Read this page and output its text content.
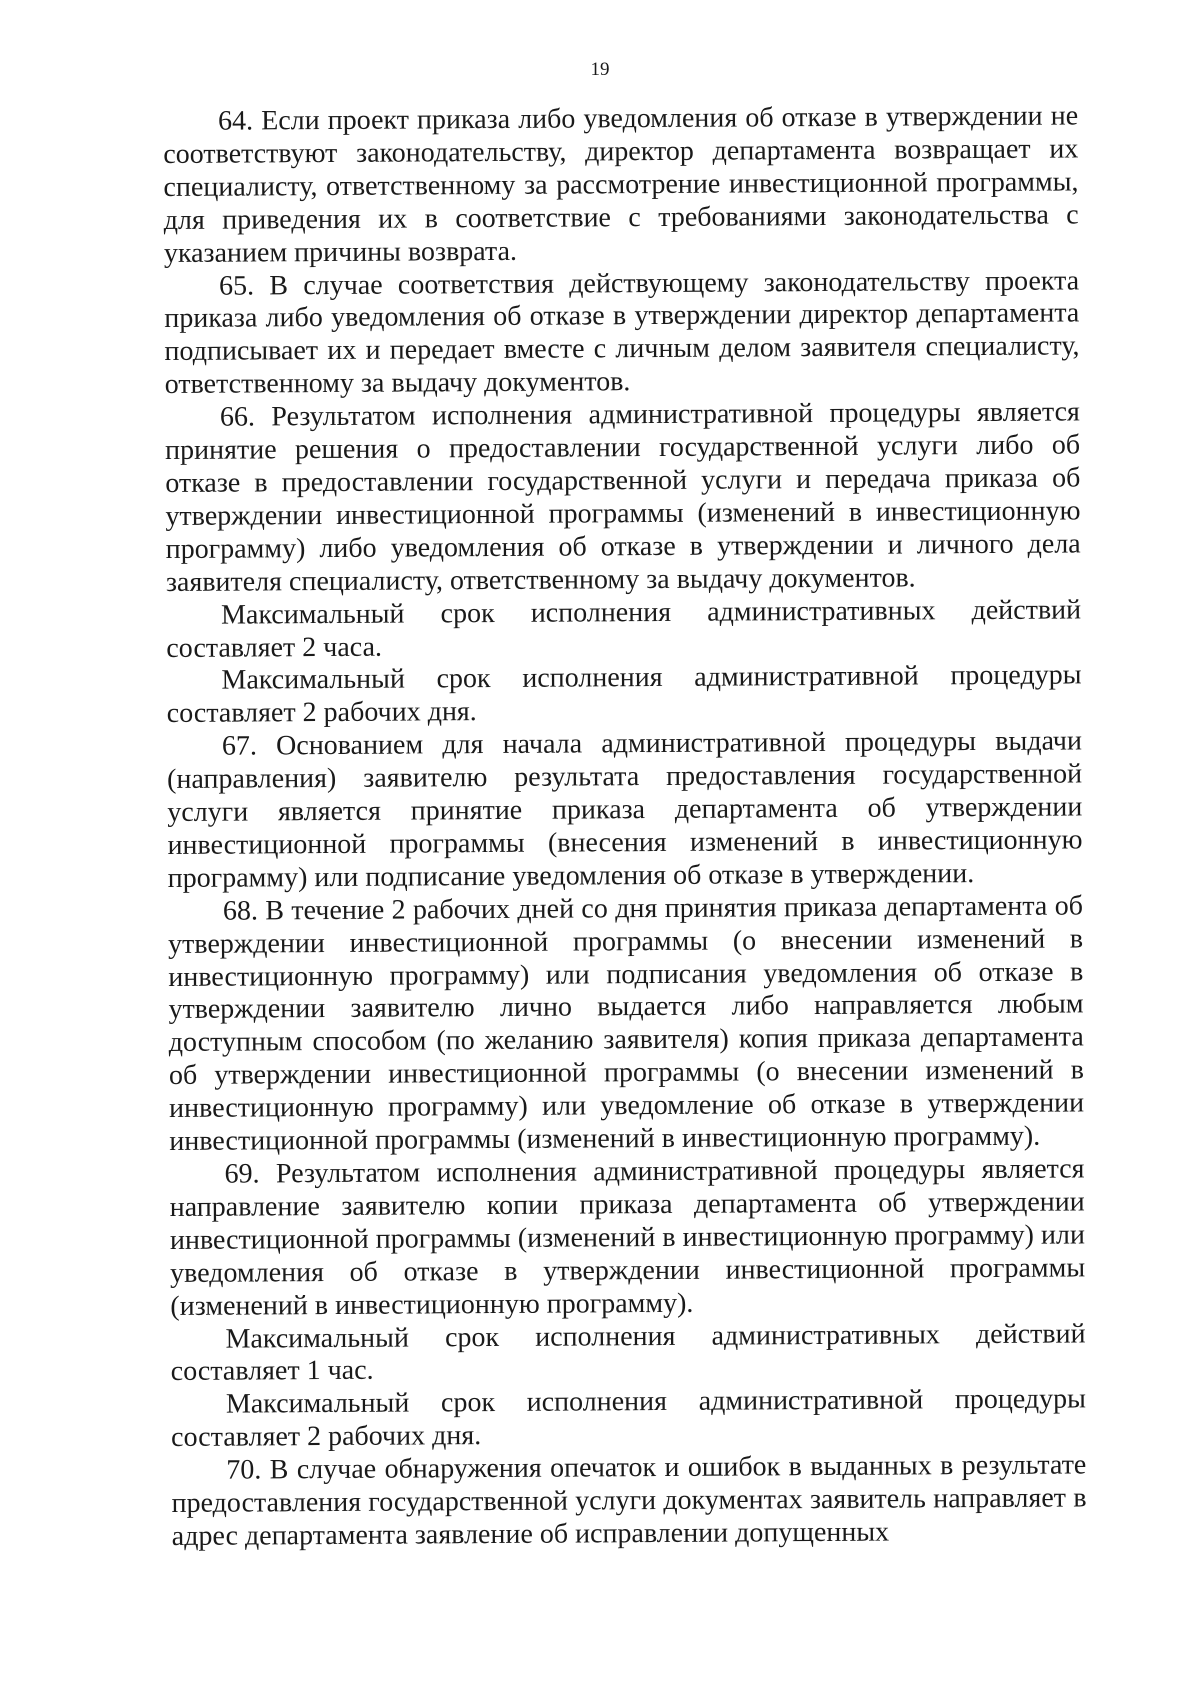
19

64. Если проект приказа либо уведомления об отказе в утверждении не соответствуют законодательству, директор департамента возвращает их специалисту, ответственному за рассмотрение инвестиционной программы, для приведения их в соответствие с требованиями законодательства с указанием причины возврата.

65. В случае соответствия действующему законодательству проекта приказа либо уведомления об отказе в утверждении директор департамента подписывает их и передает вместе с личным делом заявителя специалисту, ответственному за выдачу документов.

66. Результатом исполнения административной процедуры является принятие решения о предоставлении государственной услуги либо об отказе в предоставлении государственной услуги и передача приказа об утверждении инвестиционной программы (изменений в инвестиционную программу) либо уведомления об отказе в утверждении и личного дела заявителя специалисту, ответственному за выдачу документов.

Максимальный срок исполнения административных действий составляет 2 часа.

Максимальный срок исполнения административной процедуры составляет 2 рабочих дня.

67. Основанием для начала административной процедуры выдачи (направления) заявителю результата предоставления государственной услуги является принятие приказа департамента об утверждении инвестиционной программы (внесения изменений в инвестиционную программу) или подписание уведомления об отказе в утверждении.

68. В течение 2 рабочих дней со дня принятия приказа департамента об утверждении инвестиционной программы (о внесении изменений в инвестиционную программу) или подписания уведомления об отказе в утверждении заявителю лично выдается либо направляется любым доступным способом (по желанию заявителя) копия приказа департамента об утверждении инвестиционной программы (о внесении изменений в инвестиционную программу) или уведомление об отказе в утверждении инвестиционной программы (изменений в инвестиционную программу).

69. Результатом исполнения административной процедуры является направление заявителю копии приказа департамента об утверждении инвестиционной программы (изменений в инвестиционную программу) или уведомления об отказе в утверждении инвестиционной программы (изменений в инвестиционную программу).

Максимальный срок исполнения административных действий составляет 1 час.

Максимальный срок исполнения административной процедуры составляет 2 рабочих дня.

70. В случае обнаружения опечаток и ошибок в выданных в результате предоставления государственной услуги документах заявитель направляет в адрес департамента заявление об исправлении допущенных
